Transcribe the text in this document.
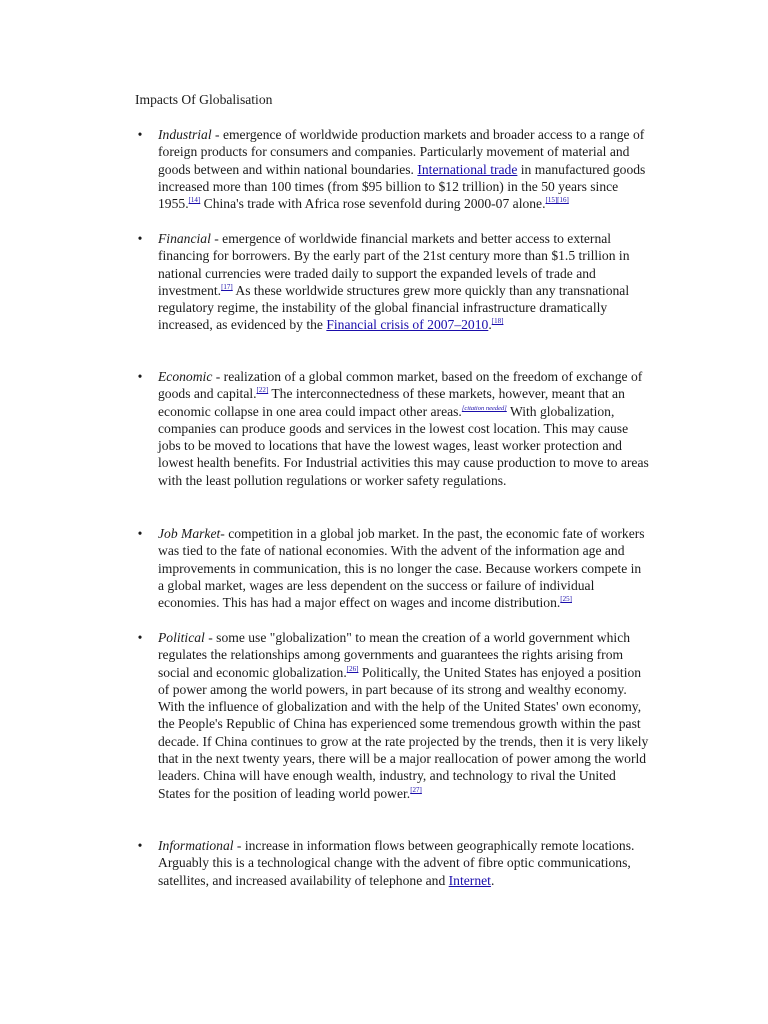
Impacts Of Globalisation
• Industrial - emergence of worldwide production markets and broader access to a range of foreign products for consumers and companies. Particularly movement of material and goods between and within national boundaries. International trade in manufactured goods increased more than 100 times (from $95 billion to $12 trillion) in the 50 years since 1955.[14] China's trade with Africa rose sevenfold during 2000-07 alone.[15][16]
• Financial - emergence of worldwide financial markets and better access to external financing for borrowers. By the early part of the 21st century more than $1.5 trillion in national currencies were traded daily to support the expanded levels of trade and investment.[17] As these worldwide structures grew more quickly than any transnational regulatory regime, the instability of the global financial infrastructure dramatically increased, as evidenced by the Financial crisis of 2007–2010.[18]
• Economic - realization of a global common market, based on the freedom of exchange of goods and capital.[22] The interconnectedness of these markets, however, meant that an economic collapse in one area could impact other areas.[citation needed] With globalization, companies can produce goods and services in the lowest cost location. This may cause jobs to be moved to locations that have the lowest wages, least worker protection and lowest health benefits. For Industrial activities this may cause production to move to areas with the least pollution regulations or worker safety regulations.
• Job Market- competition in a global job market. In the past, the economic fate of workers was tied to the fate of national economies. With the advent of the information age and improvements in communication, this is no longer the case. Because workers compete in a global market, wages are less dependent on the success or failure of individual economies. This has had a major effect on wages and income distribution.[25]
• Political - some use "globalization" to mean the creation of a world government which regulates the relationships among governments and guarantees the rights arising from social and economic globalization.[26] Politically, the United States has enjoyed a position of power among the world powers, in part because of its strong and wealthy economy. With the influence of globalization and with the help of the United States' own economy, the People's Republic of China has experienced some tremendous growth within the past decade. If China continues to grow at the rate projected by the trends, then it is very likely that in the next twenty years, there will be a major reallocation of power among the world leaders. China will have enough wealth, industry, and technology to rival the United States for the position of leading world power.[27]
• Informational - increase in information flows between geographically remote locations. Arguably this is a technological change with the advent of fibre optic communications, satellites, and increased availability of telephone and Internet.
